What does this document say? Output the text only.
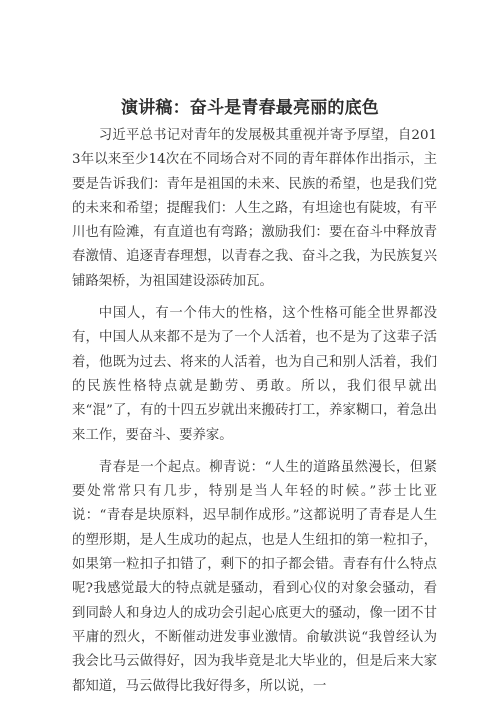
演讲稿：奋斗是青春最亮丽的底色

习近平总书记对青年的发展极其重视并寄予厚望，自2013年以来至少14次在不同场合对不同的青年群体作出指示，主要是告诉我们：青年是祖国的未来、民族的希望，也是我们党的未来和希望；提醒我们：人生之路，有坦途也有陡坡，有平川也有险滩，有直道也有弯路；激励我们：要在奋斗中释放青春激情、追逐青春理想，以青春之我、奋斗之我，为民族复兴铺路架桥，为祖国建设添砖加瓦。

中国人，有一个伟大的性格，这个性格可能全世界都没有，中国人从来都不是为了一个人活着，也不是为了这辈子活着，他既为过去、将来的人活着，也为自己和别人活着，我们的民族性格特点就是勤劳、勇敢。所以，我们很早就出来“混”了，有的十四五岁就出来搬砖打工，养家糊口，着急出来工作，要奋斗、要养家。

青春是一个起点。柳青说：“人生的道路虽然漫长，但紧要处常常只有几步，特别是当人年轻的时候。”莎士比亚说：“青春是块原料，迟早制作成形。”这都说明了青春是人生的塑形期，是人生成功的起点，也是人生纽扣的第一粒扣子，如果第一粒扣子扣错了，剩下的扣子都会错。青春有什么特点呢?我感觉最大的特点就是骚动，看到心仪的对象会骚动，看到同龄人和身边人的成功会引起心底更大的骚动，像一团不甘平庸的烈火，不断催动进发事业激情。俞敏洪说“我曾经认为我会比马云做得好，因为我毕竟是北大毕业的，但是后来大家都知道，马云做得比我好得多，所以说，一
